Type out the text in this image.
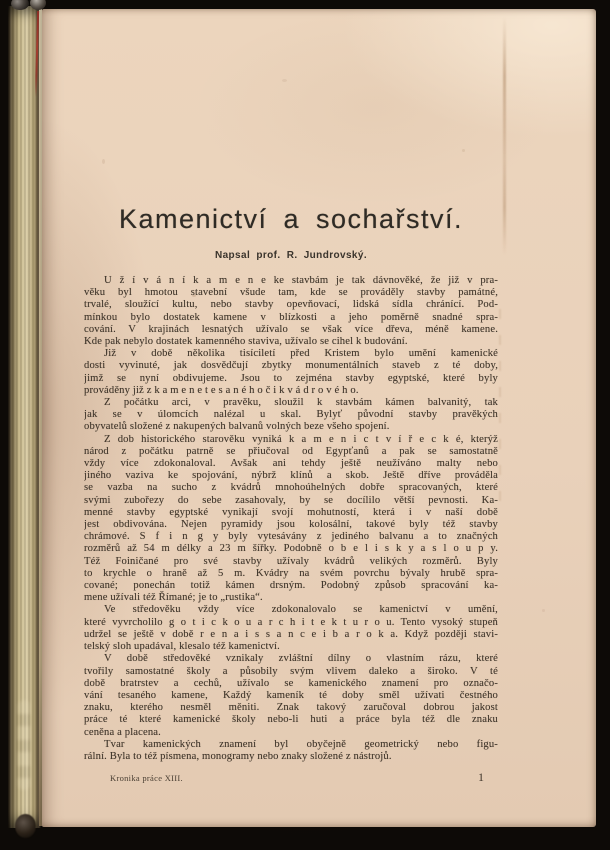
Kamenictví a sochařství.
Napsal prof. R. Jundrovský.
U ž í v á n í k a m e n e ke stavbám je tak dávnověké, že již v pra-
věku byl hmotou stavební všude tam, kde se prováděly stavby památné,
trvalé, sloužící kultu, nebo stavby opevňovací, lidská sídla chránící. Pod-
mínkou bylo dostatek kamene v blízkosti a jeho poměrně snadné spra-
cování. V krajinách lesnatých užívalo se však více dřeva, méně kamene.
Kde pak nebylo dostatek kamenného staviva, užívalo se cihel k budování.
Již v době několika tisíciletí před Kristem bylo umění kamenické
dosti vyvinuté, jak dosvědčují zbytky monumentálních staveb z té doby,
jimž se nyní obdivujeme. Jsou to zejména stavby egyptské, které byly
prováděny již z k a m e n e t e s a n é h o č i k v á d r o v é h o.
Z počátku arci, v pravěku, sloužil k stavbám kámen balvanitý, tak
jak se v úlomcích nalézal u skal. Bylyť původní stavby pravěkých
obyvatelů složené z nakupených balvanů volných beze všeho spojení.
Z dob historického starověku vyniká k a m e n i c t v í ř e c k é, kterýž
národ z počátku patrně se přiučoval od Egypťanů a pak se samostatně
vždy více zdokonaloval. Avšak ani tehdy ještě neužíváno malty nebo
jiného vaziva ke spojování, nýbrž klínů a skob. Ještě dříve prováděla
se vazba na sucho z kvádrů mnohoúhelných dobře spracovaných, které
svými zubořezy do sebe zasahovaly, by se docílilo větší pevnosti. Ka-
menné stavby egyptské vynikají svojí mohutností, která i v naší době
jest obdivována. Nejen pyramidy jsou kolosální, takové byly též stavby
chrámové. S f i n g y byly vytesávány z jediného balvanu a to značných
rozměrů až 54 m délky a 23 m šířky. Podobně o b e l i s k y a s l o u p y.
Též Foiničané pro své stavby užívaly kvádrů velikých rozměrů. Byly
to krychle o hraně až 5 m. Kvádry na svém povrchu bývaly hrubě spra-
cované; ponechán totiž kámen drsným. Podobný způsob spracování ka-
mene užívali též Římané; je to „rustika“.
Ve středověku vždy více zdokonalovalo se kamenictví v umění,
které vyvrcholilo g o t i c k o u a r c h i t e k t u r o u. Tento vysoký stupeň
udržel se ještě v době r e n a i s s a n c e i b a r o k a. Když později stavi-
telský sloh upadával, klesalo též kamenictví.
V době středověké vznikaly zvláštní dílny o vlastním rázu, které
tvořily samostatné školy a působily svým vlivem daleko a široko. V té
době bratrstev a cechů, užívalo se kamenického znamení pro označo-
vání tesaného kamene, Každý kameník té doby směl užívati čestného
znaku, kterého nesměl měniti. Znak takový zaručoval dobrou jakost
práce té které kamenické školy nebo-li huti a práce byla též dle znaku
ceněna a placena.
Tvar kamenických znamení byl obyčejně geometrický nebo figu-
rální. Byla to též písmena, monogramy nebo znaky složené z nástrojů.
Kronika práce XIII.	1
